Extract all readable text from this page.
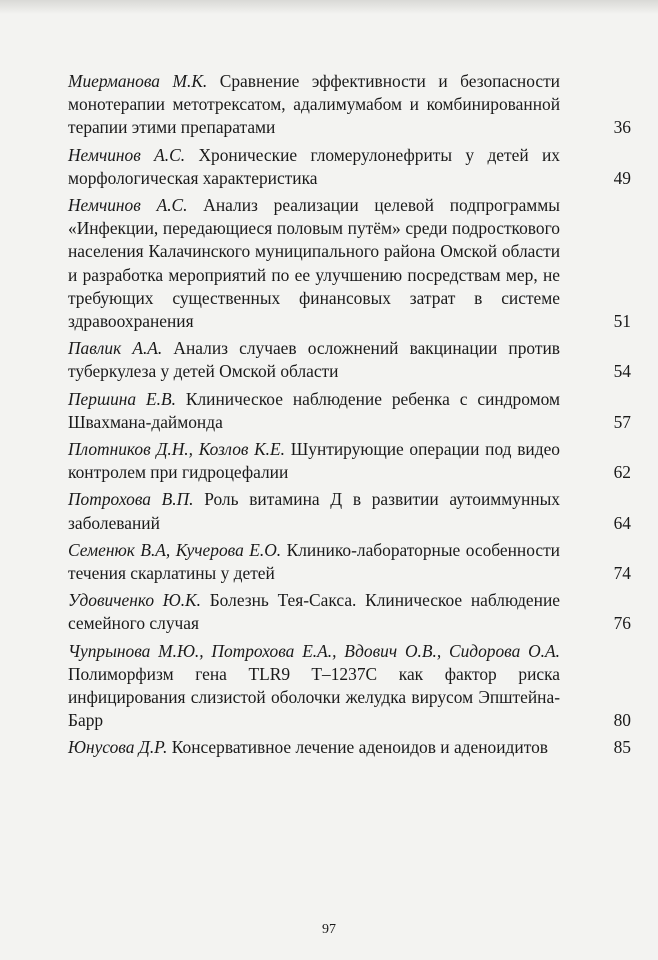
Миерманова М.К. Сравнение эффективности и безопасности монотерапии метотрексатом, адалимумабом и комбинированной терапии этими препаратами	36
Немчинов А.С. Хронические гломерулонефриты у детей их морфологическая характеристика	49
Немчинов А.С. Анализ реализации целевой подпрограммы «Инфекции, передающиеся половым путём» среди подросткового населения Калачинского муниципального района Омской области и разработка мероприятий по ее улучшению посредствам мер, не требующих существенных финансовых затрат в системе здравоохранения	51
Павлик А.А. Анализ случаев осложнений вакцинации против туберкулеза у детей Омской области	54
Першина Е.В. Клиническое наблюдение ребенка с синдромом Швахмана-даймонда	57
Плотников Д.Н., Козлов К.Е. Шунтирующие операции под видео контролем при гидроцефалии	62
Потрохова В.П. Роль витамина Д в развитии аутоиммунных заболеваний	64
Семенюк В.А, Кучерова Е.О. Клинико-лабораторные особенности течения скарлатины у детей	74
Удовиченко Ю.К. Болезнь Тея-Сакса. Клиническое наблюдение семейного случая	76
Чупрынова М.Ю., Потрохова Е.А., Вдович О.В., Сидорова О.А. Полиморфизм гена TLR9 T–1237C как фактор риска инфицирования слизистой оболочки желудка вирусом Эпштейна-Барр	80
Юнусова Д.Р. Консервативное лечение аденоидов и аденоидитов	85
97
